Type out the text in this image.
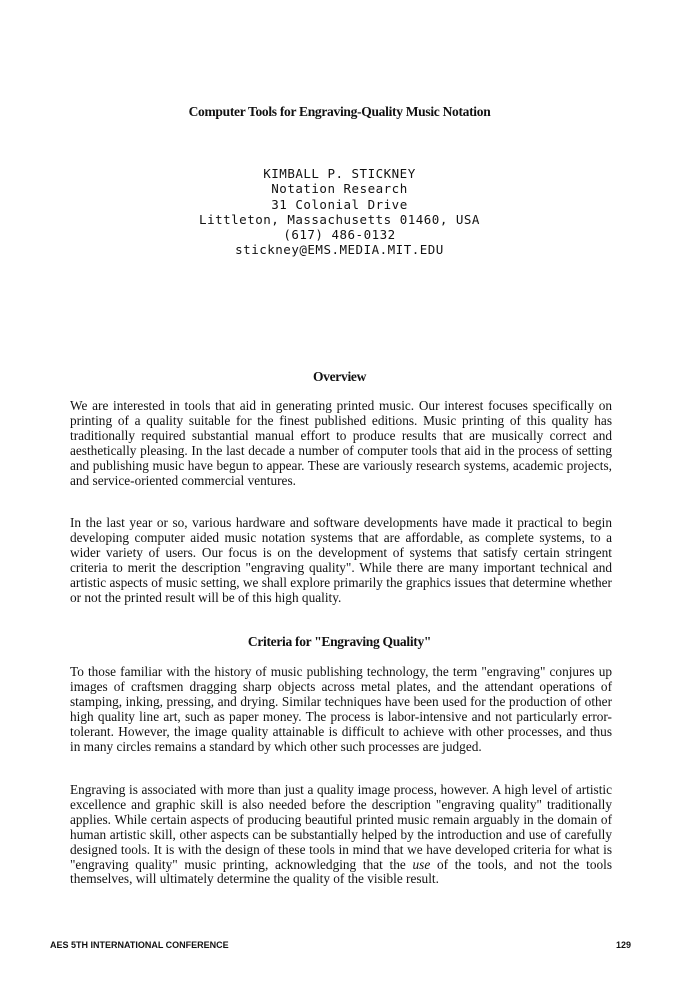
Computer Tools for Engraving-Quality Music Notation
KIMBALL P. STICKNEY
Notation Research
31 Colonial Drive
Littleton, Massachusetts 01460, USA
(617) 486-0132
stickney@EMS.MEDIA.MIT.EDU
Overview

We are interested in tools that aid in generating printed music. Our interest focuses specifically on printing of a quality suitable for the finest published editions. Music printing of this quality has traditionally required substantial manual effort to produce results that are musically correct and aesthetically pleasing. In the last decade a number of computer tools that aid in the process of setting and publishing music have begun to appear. These are variously research systems, academic projects, and service-oriented commercial ventures.

In the last year or so, various hardware and software developments have made it practical to begin developing computer aided music notation systems that are affordable, as complete systems, to a wider variety of users. Our focus is on the development of systems that satisfy certain stringent criteria to merit the description "engraving quality". While there are many important technical and artistic aspects of music setting, we shall explore primarily the graphics issues that determine whether or not the printed result will be of this high quality.

Criteria for "Engraving Quality"

To those familiar with the history of music publishing technology, the term "engraving" conjures up images of craftsmen dragging sharp objects across metal plates, and the attendant operations of stamping, inking, pressing, and drying. Similar techniques have been used for the production of other high quality line art, such as paper money. The process is labor-intensive and not particularly error-tolerant. However, the image quality attainable is difficult to achieve with other processes, and thus in many circles remains a standard by which other such processes are judged.

Engraving is associated with more than just a quality image process, however. A high level of artistic excellence and graphic skill is also needed before the description "engraving quality" traditionally applies. While certain aspects of producing beautiful printed music remain arguably in the domain of human artistic skill, other aspects can be substantially helped by the introduction and use of carefully designed tools. It is with the design of these tools in mind that we have developed criteria for what is "engraving quality" music printing, acknowledging that the use of the tools, and not the tools themselves, will ultimately determine the quality of the visible result.

AES 5TH INTERNATIONAL CONFERENCE	129
